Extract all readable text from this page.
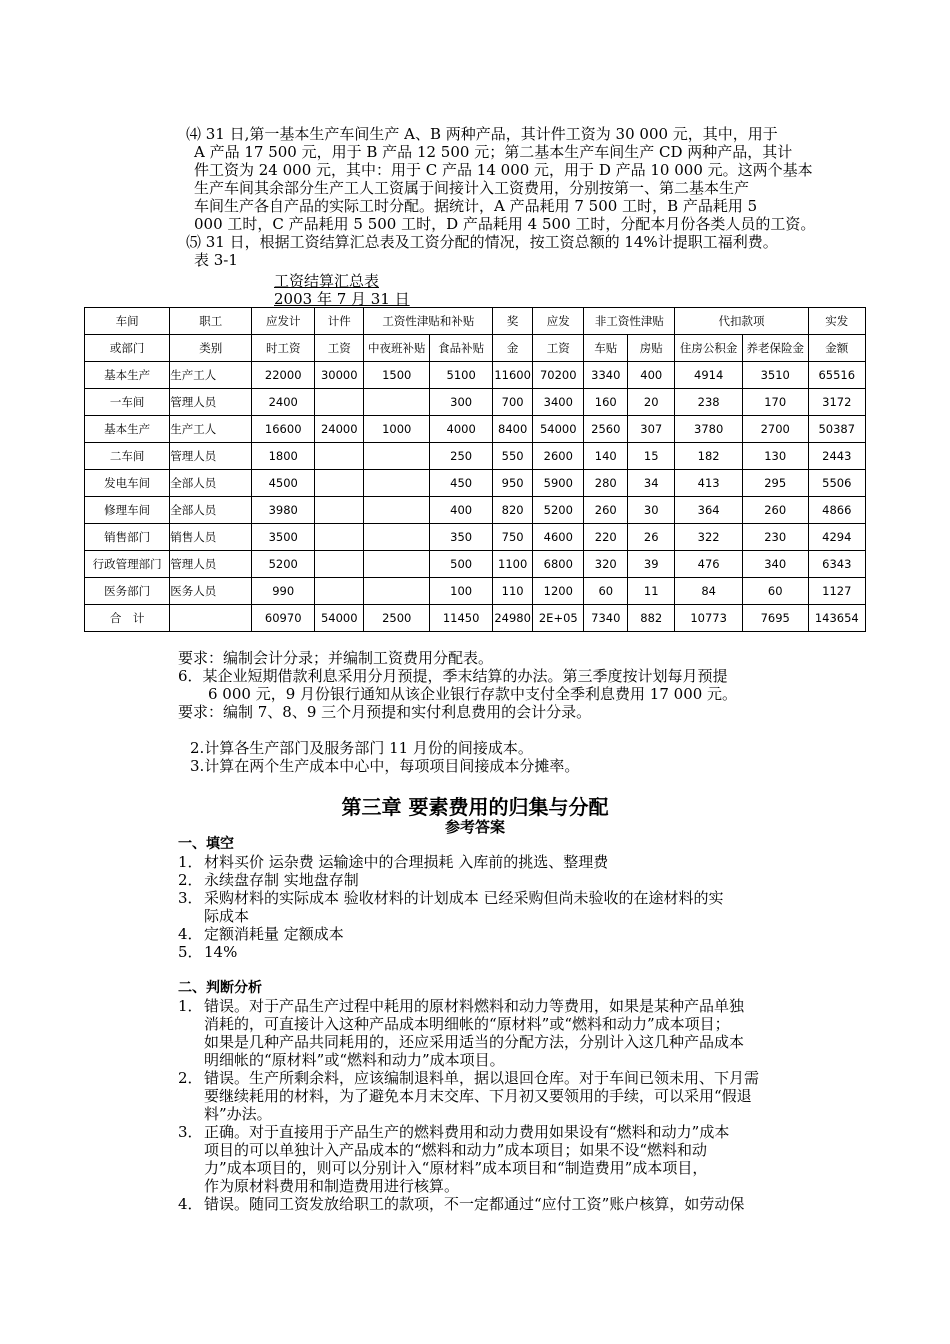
⑷ 31 日,第一基本生产车间生产 A、B 两种产品，其计件工资为 30 000 元，其中，用于
A 产品 17 500 元，用于 B 产品 12 500 元；第二基本生产车间生产 CD 两种产品，其计
件工资为 24 000 元，其中：用于 C 产品 14 000 元，用于 D 产品 10 000 元。这两个基本
生产车间其余部分生产工人工资属于间接计入工资费用，分别按第一、第二基本生产
车间生产各自产品的实际工时分配。据统计，A 产品耗用 7 500 工时，B 产品耗用 5
000 工时，C 产品耗用 5 500 工时，D 产品耗用 4 500 工时，分配本月份各类人员的工资。
⑸ 31 日，根据工资结算汇总表及工资分配的情况，按工资总额的 14%计提职工福利费。
表 3-1
工资结算汇总表
2003 年 7 月 31 日
车间	职工	应发计	计件	工资性津贴和补贴		奖	应发	非工资性津贴		代扣款项		实发
或部门	类别	时工资	工资	中夜班补贴	食品补贴	金	工资	车贴	房贴	住房公积金	养老保险金	金额
基本生产	生产工人	22000	30000	1500	5100	11600	70200	3340	400	4914	3510	65516
一车间	管理人员	2400			300	700	3400	160	20	238	170	3172
基本生产	生产工人	16600	24000	1000	4000	8400	54000	2560	307	3780	2700	50387
二车间	管理人员	1800			250	550	2600	140	15	182	130	2443
发电车间	全部人员	4500			450	950	5900	280	34	413	295	5506
修理车间	全部人员	3980			400	820	5200	260	30	364	260	4866
销售部门	销售人员	3500			350	750	4600	220	26	322	230	4294
行政管理部门	管理人员	5200			500	1100	6800	320	39	476	340	6343
医务部门	医务人员	990			100	110	1200	60	11	84	60	1127
合　计		60970	54000	2500	11450	24980	2E+05	7340	882	10773	7695	143654
要求：编制会计分录；并编制工资费用分配表。
6．某企业短期借款利息采用分月预提，季末结算的办法。第三季度按计划每月预提
6 000 元，9 月份银行通知从该企业银行存款中支付全季利息费用 17 000 元。
要求：编制 7、8、9 三个月预提和实付利息费用的会计分录。
2.计算各生产部门及服务部门 11 月份的间接成本。
3.计算在两个生产成本中心中，每项项目间接成本分摊率。
第三章 要素费用的归集与分配
参考答案
一、填空
1．材料买价 运杂费 运输途中的合理损耗 入库前的挑选、整理费
2．永续盘存制 实地盘存制
3．采购材料的实际成本 验收材料的计划成本 已经采购但尚未验收的在途材料的实
际成本
4．定额消耗量 定额成本
5．14%
二、判断分析
1．错误。对于产品生产过程中耗用的原材料燃料和动力等费用，如果是某种产品单独
消耗的，可直接计入这种产品成本明细帐的“原材料”或“燃料和动力”成本项目；
如果是几种产品共同耗用的，还应采用适当的分配方法，分别计入这几种产品成本
明细帐的“原材料”或“燃料和动力”成本项目。
2．错误。生产所剩余料，应该编制退料单，据以退回仓库。对于车间已领未用、下月需
要继续耗用的材料，为了避免本月末交库、下月初又要领用的手续，可以采用“假退
料”办法。
3．正确。对于直接用于产品生产的燃料费用和动力费用如果设有“燃料和动力”成本
项目的可以单独计入产品成本的“燃料和动力”成本项目；如果不设“燃料和动
力”成本项目的，则可以分别计入“原材料”成本项目和“制造费用”成本项目，
作为原材料费用和制造费用进行核算。
4．错误。随同工资发放给职工的款项，不一定都通过“应付工资”账户核算，如劳动保
